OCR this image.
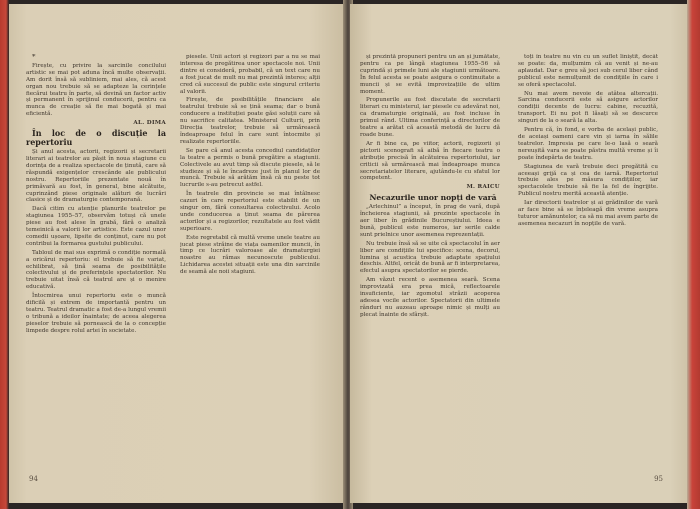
*

Firește, cu privire la sarcinile concilului artistic se mai pot aduna încă multe observații. Am dorit însă să subliniem, mai ales, că acest organ nou trebuie să se adapteze la cerințele fiecărui teatru în parte, să devină un factor activ și permanent în sprijinul conducerii, pentru ca munca de creație să fie mai bogată și mai eficientă.

AL. DIMA

În loc de o discuție la repertoriu

Și anul acesta, actorii, regizorii și secretarii literari ai teatrelor au pășit în noua stagiune cu dorința de a realiza spectacole de ținută, care să răspundă exigențelor crescânde ale publicului nostru. Repertoriile prezentate nouă în primăvară au fost, în general, bine alcătuite, cuprinzând piese originale alături de lucrări clasice și de dramaturgie contemporană.

Dacă citim cu atenție planurile teatrelor pe stagiunea 1955–57, observăm totuși că unele piese au fost alese în grabă, fără o analiză temeinică a valorii lor artistice. Este cazul unor comedii ușoare, lipsite de conținut, care nu pot contribui la formarea gustului publicului.

Tabloul de mai sus exprimă o condiție normală a oricărui repertoriu: el trebuie să fie variat, echilibrat, să țină seama de posibilitățile colectivului și de preferințele spectatorilor. Nu trebuie uitat însă că teatrul are și o menire educativă.

Întocmirea unui repertoriu este o muncă dificilă și extrem de importantă pentru un teatru. Teatrul dramatic a fost de-a lungul vremii o tribună a ideilor înaintate; de aceea alegerea pieselor trebuie să pornească de la o concepție limpede despre rolul artei în societate.

piesele. Unii actori și regizori par a nu se mai interesa de pregătirea unor spectacole noi. Unii dintre ei consideră, probabil, că un text care nu a fost jucat de mult nu mai prezintă interes; alții cred că succesul de public este singurul criteriu al valorii.

Firește, de posibilitățile financiare ale teatrului trebuie să se țină seama; dar o bună conducere a instituției poate găsi soluții care să nu sacrifice calitatea. Ministerul Culturii, prin Direcția teatrelor, trebuie să urmărească îndeaproape felul în care sunt întocmite și realizate repertoriile.

Se pare că anul acesta concediul candidaților la teatre a permis o bună pregătire a stagiunii. Colectivele au avut timp să discute piesele, să le studieze și să le încadreze just în planul lor de muncă. Trebuie să arătăm însă că nu peste tot lucrurile s-au petrecut astfel.

În teatrele din provincie se mai întâlnesc cazuri în care repertoriul este stabilit de un singur om, fără consultarea colectivului. Acolo unde conducerea a ținut seama de părerea actorilor și a regizorilor, rezultatele au fost vădit superioare.

Este regretabil că multă vreme unele teatre au jucat piese străine de viața oamenilor muncii, în timp ce lucrări valoroase ale dramaturgiei noastre au rămas necunoscute publicului. Lichidarea acestei situații este una din sarcinile de seamă ale noii stagiuni.

94

și prezintă propuneri pentru un an și jumătate, pentru ca pe lângă stagiunea 1955–56 să cuprindă și primele luni ale stagiunii următoare. În felul acesta se poate asigura o continuitate a muncii și se evită improvizațiile de ultim moment.

Propunerile au fost discutate de secretarii literari cu ministerul, iar piesele cu adevărat noi, ca dramaturgie originală, au fost incluse în primul rând. Ultima conferință a directorilor de teatre a arătat că această metodă de lucru dă roade bune.

Ar fi bine ca, pe viitor, actorii, regizorii și pictorii scenografi să aibă în fiecare teatru o atribuție precisă în alcătuirea repertoriului, iar criticii să urmărească mai îndeaproape munca secretariatelor literare, ajutându-le cu sfatul lor competent.

M. RAICU

Necazurile unor nopți de vară

„Arlechinul” a început, în prag de vară, după încheierea stagiunii, să prezinte spectacole în aer liber în grădinile Bucureștiului. Ideea e bună, publicul este numeros, iar serile calde sunt prielnice unor asemenea reprezentații.

Nu trebuie însă să se uite că spectacolul în aer liber are condițiile lui specifice: scena, decorul, lumina și acustica trebuie adaptate spațiului deschis. Altfel, oricât de bună ar fi interpretarea, efectul asupra spectatorilor se pierde.

Am văzut recent o asemenea seară. Scena improvizată era prea mică, reflectoarele insuficiente, iar zgomotul străzii acoperea adesea vocile actorilor. Spectatorii din ultimele rânduri nu auzeau aproape nimic și mulți au plecat înainte de sfârșit.

toți în teatre nu vin cu un suflet liniștit, decât se poate: da, mulțumim că au venit și ne-au aplaudat. Dar e greu să joci sub cerul liber când publicul este nemulțumit de condițiile în care i se oferă spectacolul.

Nu mai avem nevoie de atâtea altercații. Sarcina conducerii este să asigure actorilor condiții decente de lucru: cabine, recuzită, transport. Ei nu pot fi lăsați să se descurce singuri de la o seară la alta.

Pentru că, în fond, e vorba de același public, de aceiași oameni care vin și iarna în sălile teatrelor. Impresia pe care le-o lasă o seară nereușită vara se poate păstra multă vreme și îi poate îndepărta de teatru.

Stagiunea de vară trebuie deci pregătită cu aceeași grijă ca și cea de iarnă. Repertoriul trebuie ales pe măsura condițiilor, iar spectacolele trebuie să fie la fel de îngrijite. Publicul nostru merită această atenție.

Iar directorii teatrelor și ai grădinilor de vară ar face bine să se înțeleagă din vreme asupra tuturor amănuntelor, ca să nu mai avem parte de asemenea necazuri în nopțile de vară.

95
